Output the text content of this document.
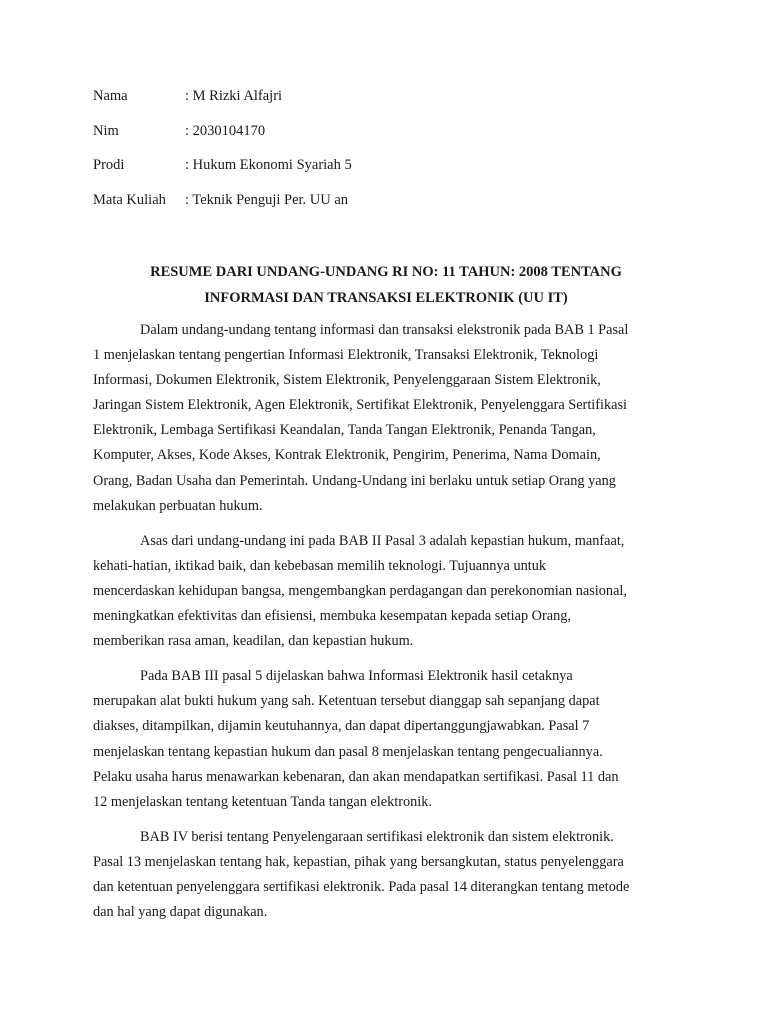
Nama	: M Rizki Alfajri
Nim	: 2030104170
Prodi	: Hukum Ekonomi Syariah 5
Mata Kuliah	: Teknik Penguji Per. UU an
RESUME DARI UNDANG-UNDANG RI NO: 11 TAHUN: 2008 TENTANG
INFORMASI DAN TRANSAKSI ELEKTRONIK (UU IT)

Dalam undang-undang tentang informasi dan transaksi elekstronik pada BAB 1 Pasal
1 menjelaskan tentang pengertian Informasi Elektronik, Transaksi Elektronik, Teknologi
Informasi, Dokumen Elektronik, Sistem Elektronik, Penyelenggaraan Sistem Elektronik,
Jaringan Sistem Elektronik, Agen Elektronik, Sertifikat Elektronik, Penyelenggara Sertifikasi
Elektronik, Lembaga Sertifikasi Keandalan, Tanda Tangan Elektronik, Penanda Tangan,
Komputer, Akses, Kode Akses, Kontrak Elektronik, Pengirim, Penerima, Nama Domain,
Orang, Badan Usaha dan Pemerintah. Undang-Undang ini berlaku untuk setiap Orang yang
melakukan perbuatan hukum.

Asas dari undang-undang ini pada BAB II Pasal 3 adalah kepastian hukum, manfaat,
kehati-hatian, iktikad baik, dan kebebasan memilih teknologi. Tujuannya untuk
mencerdaskan kehidupan bangsa, mengembangkan perdagangan dan perekonomian nasional,
meningkatkan efektivitas dan efisiensi, membuka kesempatan kepada setiap Orang,
memberikan rasa aman, keadilan, dan kepastian hukum.

Pada BAB III pasal 5 dijelaskan bahwa Informasi Elektronik hasil cetaknya
merupakan alat bukti hukum yang sah. Ketentuan tersebut dianggap sah sepanjang dapat
diakses, ditampilkan, dijamin keutuhannya, dan dapat dipertanggungjawabkan. Pasal 7
menjelaskan tentang kepastian hukum dan pasal 8 menjelaskan tentang pengecualiannya.
Pelaku usaha harus menawarkan kebenaran, dan akan mendapatkan sertifikasi. Pasal 11 dan
12 menjelaskan tentang ketentuan Tanda tangan elektronik.

BAB IV berisi tentang Penyelengaraan sertifikasi elektronik dan sistem elektronik.
Pasal 13 menjelaskan tentang hak, kepastian, pihak yang bersangkutan, status penyelenggara
dan ketentuan penyelenggara sertifikasi elektronik. Pada pasal 14 diterangkan tentang metode
dan hal yang dapat digunakan.
